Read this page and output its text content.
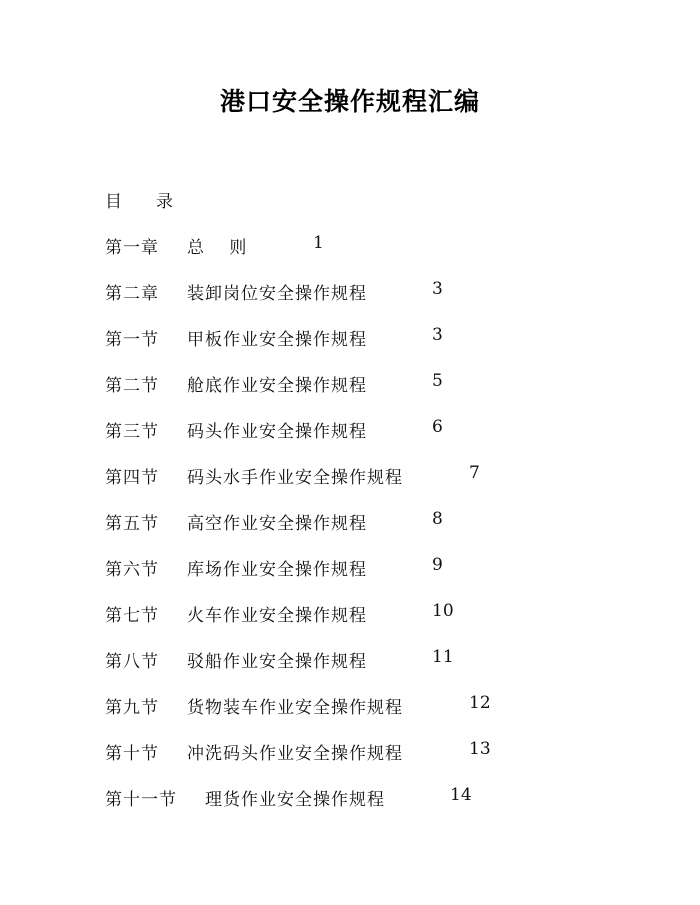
港口安全操作规程汇编
目 录
第一章 总　 则	1
第二章 装卸岗位安全操作规程	3
第一节 甲板作业安全操作规程	3
第二节 舱底作业安全操作规程	5
第三节 码头作业安全操作规程	6
第四节 码头水手作业安全操作规程	7
第五节 高空作业安全操作规程	8
第六节 库场作业安全操作规程	9
第七节 火车作业安全操作规程	10
第八节 驳船作业安全操作规程	11
第九节 货物装车作业安全操作规程	12
第十节 冲洗码头作业安全操作规程	13
第十一节 理货作业安全操作规程	14
